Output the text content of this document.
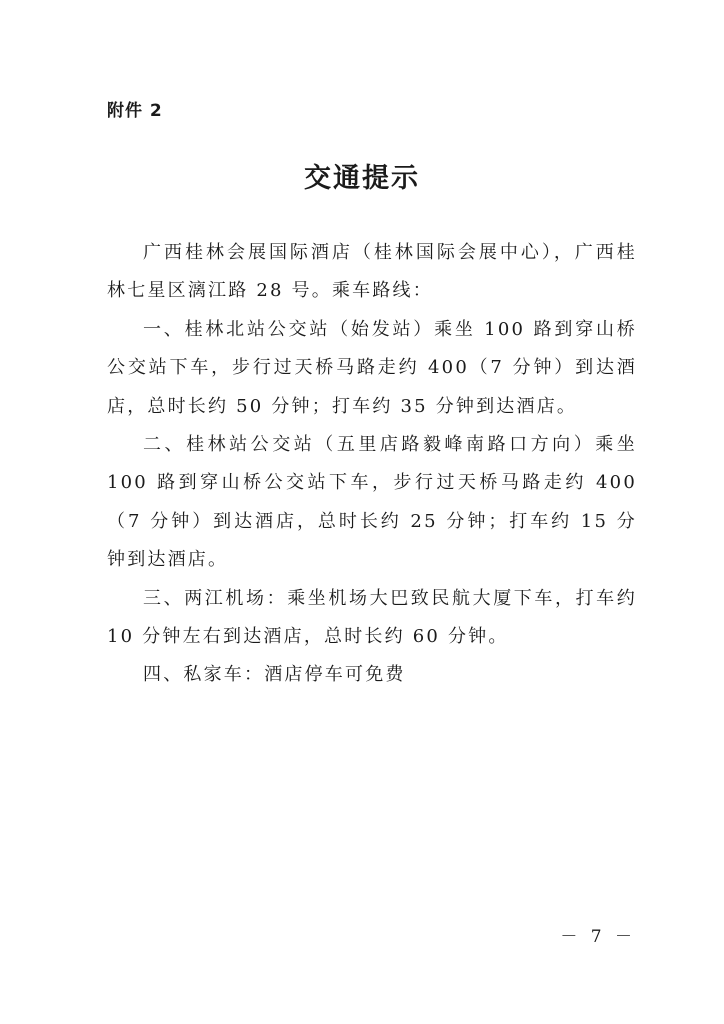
附件 2
交通提示

广西桂林会展国际酒店（桂林国际会展中心），广西桂林七星区漓江路 28 号。乘车路线：

一、桂林北站公交站（始发站）乘坐 100 路到穿山桥公交站下车，步行过天桥马路走约 400（7 分钟）到达酒店，总时长约 50 分钟；打车约 35 分钟到达酒店。

二、桂林站公交站（五里店路毅峰南路口方向）乘坐 100 路到穿山桥公交站下车，步行过天桥马路走约 400（7 分钟）到达酒店，总时长约 25 分钟；打车约 15 分钟到达酒店。

三、两江机场：乘坐机场大巴致民航大厦下车，打车约 10 分钟左右到达酒店，总时长约 60 分钟。

四、私家车：酒店停车可免费

－ 7 －
